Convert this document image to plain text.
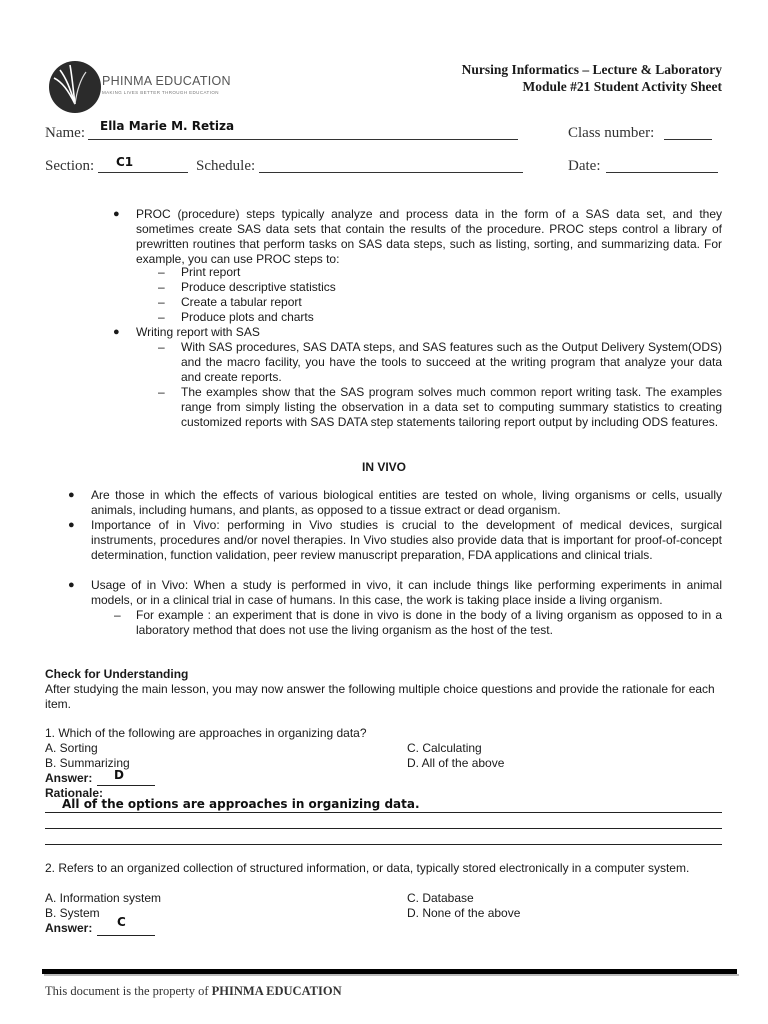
PHINMA EDUCATION
MAKING LIVES BETTER THROUGH EDUCATION
Nursing Informatics – Lecture & Laboratory
Module #21 Student Activity Sheet
Name: Ella Marie M. Retiza	Class number:
Section: C1	Schedule:	Date:
● PROC (procedure) steps typically analyze and process data in the form of a SAS data set, and they sometimes create SAS data sets that contain the results of the procedure. PROC steps control a library of prewritten routines that perform tasks on SAS data steps, such as listing, sorting, and summarizing data. For example, you can use PROC steps to:
– Print report
– Produce descriptive statistics
– Create a tabular report
– Produce plots and charts
● Writing report with SAS
– With SAS procedures, SAS DATA steps, and SAS features such as the Output Delivery System(ODS) and the macro facility, you have the tools to succeed at the writing program that analyze your data and create reports.
– The examples show that the SAS program solves much common report writing task. The examples range from simply listing the observation in a data set to computing summary statistics to creating customized reports with SAS DATA step statements tailoring report output by including ODS features.
IN VIVO
● Are those in which the effects of various biological entities are tested on whole, living organisms or cells, usually animals, including humans, and plants, as opposed to a tissue extract or dead organism.
● Importance of in Vivo: performing in Vivo studies is crucial to the development of medical devices, surgical instruments, procedures and/or novel therapies. In Vivo studies also provide data that is important for proof-of-concept determination, function validation, peer review manuscript preparation, FDA applications and clinical trials.
● Usage of in Vivo: When a study is performed in vivo, it can include things like performing experiments in animal models, or in a clinical trial in case of humans. In this case, the work is taking place inside a living organism.
– For example : an experiment that is done in vivo is done in the body of a living organism as opposed to in a laboratory method that does not use the living organism as the host of the test.
Check for Understanding
After studying the main lesson, you may now answer the following multiple choice questions and provide the rationale for each item.
1. Which of the following are approaches in organizing data?
A. Sorting
B. Summarizing
C. Calculating
D. All of the above
Answer: D
Rationale:
All of the options are approaches in organizing data.
2. Refers to an organized collection of structured information, or data, typically stored electronically in a computer system.
A. Information system
B. System
C. Database
D. None of the above
Answer: C
This document is the property of PHINMA EDUCATION
